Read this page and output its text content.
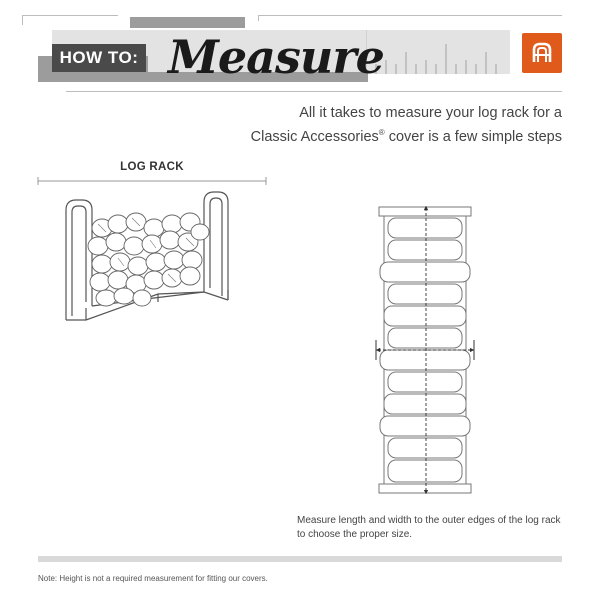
HOW TO: Measure
All it takes to measure your log rack for a
Classic Accessories® cover is a few simple steps
LOG RACK
Measure length and width to the outer edges of the log rack to choose the proper size.
Note: Height is not a required measurement for fitting our covers.
